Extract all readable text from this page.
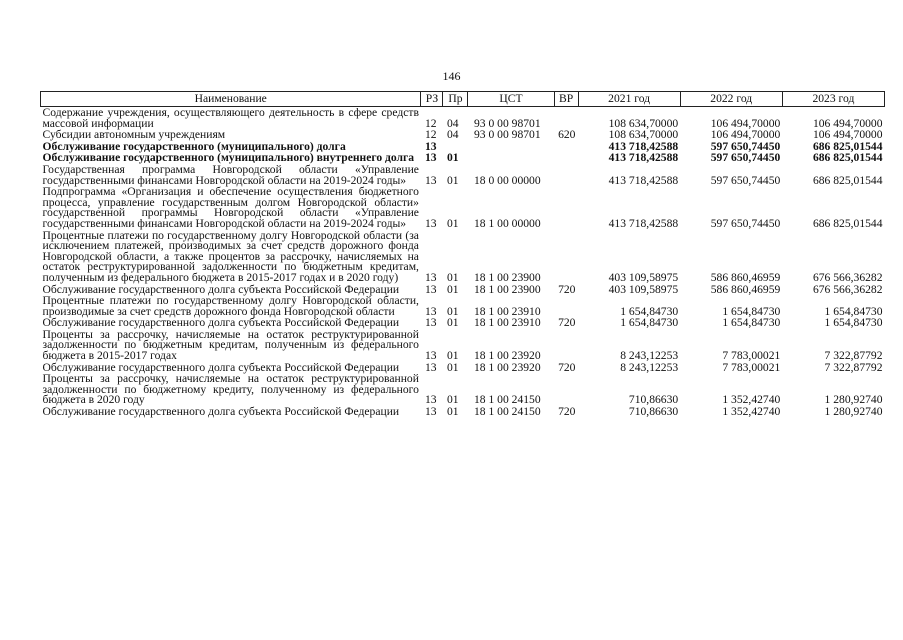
146
Наименование	РЗ	Пр	ЦСТ	ВР	2021 год	2022 год	2023 год
Содержание учреждения, осуществляющего деятельность в сфере средств массовой информации	12	04	93 0 00 98701		108 634,70000	106 494,70000	106 494,70000
Субсидии автономным учреждениям	12	04	93 0 00 98701	620	108 634,70000	106 494,70000	106 494,70000
Обслуживание государственного (муниципального) долга	13				413 718,42588	597 650,74450	686 825,01544
Обслуживание государственного (муниципального) внутреннего долга	13	01			413 718,42588	597 650,74450	686 825,01544
Государственная программа Новгородской области «Управление государственными финансами Новгородской области на 2019-2024 годы»	13	01	18 0 00 00000		413 718,42588	597 650,74450	686 825,01544
Подпрограмма «Организация и обеспечение осуществления бюджетного процесса, управление государственным долгом Новгородской области» государственной программы Новгородской области «Управление государственными финансами Новгородской области на 2019-2024 годы»	13	01	18 1 00 00000		413 718,42588	597 650,74450	686 825,01544
Процентные платежи по государственному долгу Новгородской области (за исключением платежей, производимых за счет средств дорожного фонда Новгородской области, а также процентов за рассрочку, начисляемых на остаток реструктурированной задолженности по бюджетным кредитам, полученным из федерального бюджета в 2015-2017 годах и в 2020 году)	13	01	18 1 00 23900		403 109,58975	586 860,46959	676 566,36282
Обслуживание государственного долга субъекта Российской Федерации	13	01	18 1 00 23900	720	403 109,58975	586 860,46959	676 566,36282
Процентные платежи по государственному долгу Новгородской области, производимые за счет средств дорожного фонда Новгородской области	13	01	18 1 00 23910		1 654,84730	1 654,84730	1 654,84730
Обслуживание государственного долга субъекта Российской Федерации	13	01	18 1 00 23910	720	1 654,84730	1 654,84730	1 654,84730
Проценты за рассрочку, начисляемые на остаток реструктурированной задолженности по бюджетным кредитам, полученным из федерального бюджета в 2015-2017 годах	13	01	18 1 00 23920		8 243,12253	7 783,00021	7 322,87792
Обслуживание государственного долга субъекта Российской Федерации	13	01	18 1 00 23920	720	8 243,12253	7 783,00021	7 322,87792
Проценты за рассрочку, начисляемые на остаток реструктурированной задолженности по бюджетному кредиту, полученному из федерального бюджета в 2020 году	13	01	18 1 00 24150		710,86630	1 352,42740	1 280,92740
Обслуживание государственного долга субъекта Российской Федерации	13	01	18 1 00 24150	720	710,86630	1 352,42740	1 280,92740
